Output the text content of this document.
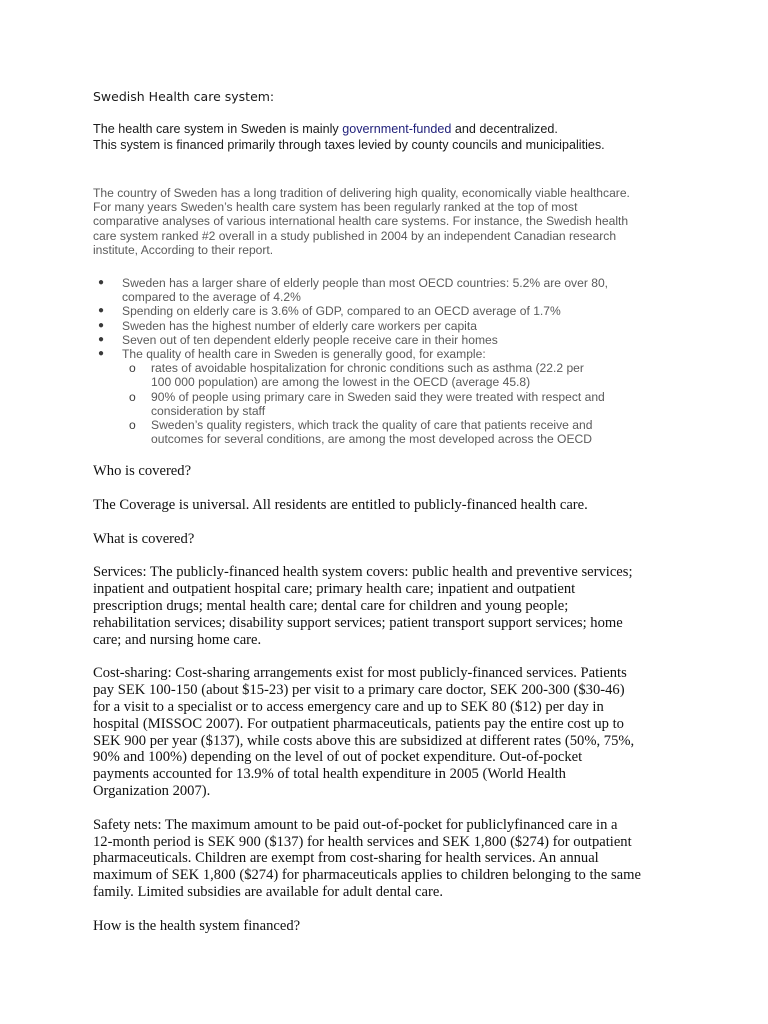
Swedish Health care system:

The health care system in Sweden is mainly government-funded and decentralized.

This system is financed primarily through taxes levied by county councils and municipalities.

The country of Sweden has a long tradition of delivering high quality, economically viable healthcare.
For many years Sweden’s health care system has been regularly ranked at the top of most
comparative analyses of various international health care systems. For instance, the Swedish health
care system ranked #2 overall in a study published in 2004 by an independent Canadian research
institute, According to their report.

● Sweden has a larger share of elderly people than most OECD countries: 5.2% are over 80,
compared to the average of 4.2%
● Spending on elderly care is 3.6% of GDP, compared to an OECD average of 1.7%
● Sweden has the highest number of elderly care workers per capita
● Seven out of ten dependent elderly people receive care in their homes
● The quality of health care in Sweden is generally good, for example:
o rates of avoidable hospitalization for chronic conditions such as asthma (22.2 per
100 000 population) are among the lowest in the OECD (average 45.8)
o 90% of people using primary care in Sweden said they were treated with respect and
consideration by staff
o Sweden’s quality registers, which track the quality of care that patients receive and
outcomes for several conditions, are among the most developed across the OECD

Who is covered?

The Coverage is universal. All residents are entitled to publicly-financed health care.

What is covered?

Services: The publicly-financed health system covers: public health and preventive services;
inpatient and outpatient hospital care; primary health care; inpatient and outpatient
prescription drugs; mental health care; dental care for children and young people;
rehabilitation services; disability support services; patient transport support services; home
care; and nursing home care.

Cost-sharing: Cost-sharing arrangements exist for most publicly-financed services. Patients
pay SEK 100-150 (about $15-23) per visit to a primary care doctor, SEK 200-300 ($30-46)
for a visit to a specialist or to access emergency care and up to SEK 80 ($12) per day in
hospital (MISSOC 2007). For outpatient pharmaceuticals, patients pay the entire cost up to
SEK 900 per year ($137), while costs above this are subsidized at different rates (50%, 75%,
90% and 100%) depending on the level of out of pocket expenditure. Out-of-pocket
payments accounted for 13.9% of total health expenditure in 2005 (World Health
Organization 2007).

Safety nets: The maximum amount to be paid out-of-pocket for publiclyfinanced care in a
12-month period is SEK 900 ($137) for health services and SEK 1,800 ($274) for outpatient
pharmaceuticals. Children are exempt from cost-sharing for health services. An annual
maximum of SEK 1,800 ($274) for pharmaceuticals applies to children belonging to the same
family. Limited subsidies are available for adult dental care.

How is the health system financed?
